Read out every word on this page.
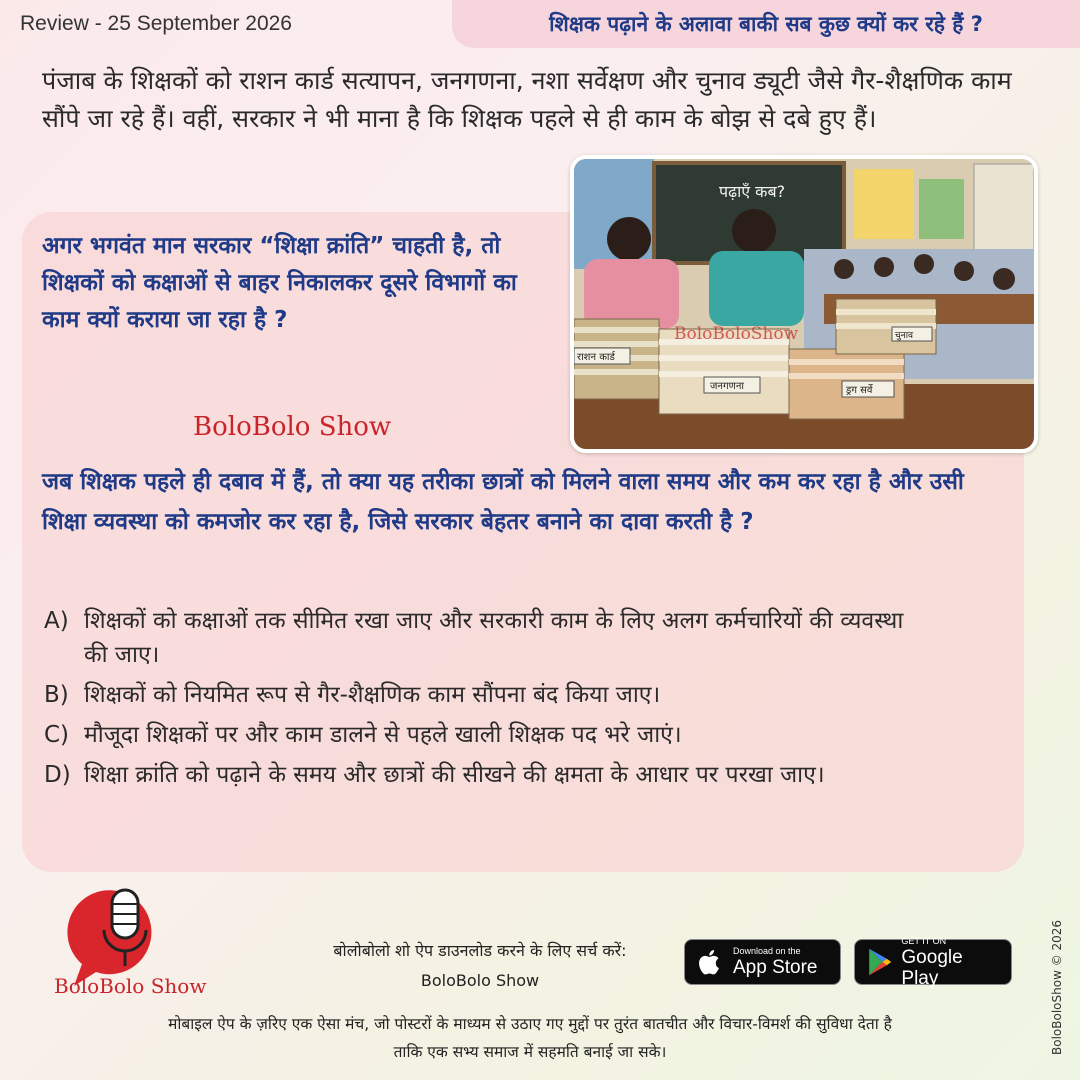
Review - 25 September 2026	शिक्षक पढ़ाने के अलावा बाकी सब कुछ क्यों कर रहे हैं ?

पंजाब के शिक्षकों को राशन कार्ड सत्यापन, जनगणना, नशा सर्वेक्षण और चुनाव ड्यूटी जैसे गैर-शैक्षणिक काम सौंपे जा रहे हैं। वहीं, सरकार ने भी माना है कि शिक्षक पहले से ही काम के बोझ से दबे हुए हैं।

अगर भगवंत मान सरकार “शिक्षा क्रांति” चाहती है, तो शिक्षकों को कक्षाओं से बाहर निकालकर दूसरे विभागों का काम क्यों कराया जा रहा है ?

BoloBolo Show
पढ़ाएँ कब?
राशन कार्ड
जनगणना	ड्रग सर्वे
चुनाव
BoloBoloShow

जब शिक्षक पहले ही दबाव में हैं, तो क्या यह तरीका छात्रों को मिलने वाला समय और कम कर रहा है और उसी शिक्षा व्यवस्था को कमजोर कर रहा है, जिसे सरकार बेहतर बनाने का दावा करती है ?

A) शिक्षकों को कक्षाओं तक सीमित रखा जाए और सरकारी काम के लिए अलग कर्मचारियों की व्यवस्था की जाए।
B) शिक्षकों को नियमित रूप से गैर-शैक्षणिक काम सौंपना बंद किया जाए।
C) मौजूदा शिक्षकों पर और काम डालने से पहले खाली शिक्षक पद भरे जाएं।
D) शिक्षा क्रांति को पढ़ाने के समय और छात्रों की सीखने की क्षमता के आधार पर परखा जाए।
BoloBolo Show
बोलोबोलो शो ऐप डाउनलोड करने के लिए सर्च करें:
BoloBolo Show
Download on the
App Store
GET IT ON
Google Play	BoloBoloShow © 2026
मोबाइल ऐप के ज़रिए एक ऐसा मंच, जो पोस्टरों के माध्यम से उठाए गए मुद्दों पर तुरंत बातचीत और विचार-विमर्श की सुविधा देता है
ताकि एक सभ्य समाज में सहमति बनाई जा सके।
